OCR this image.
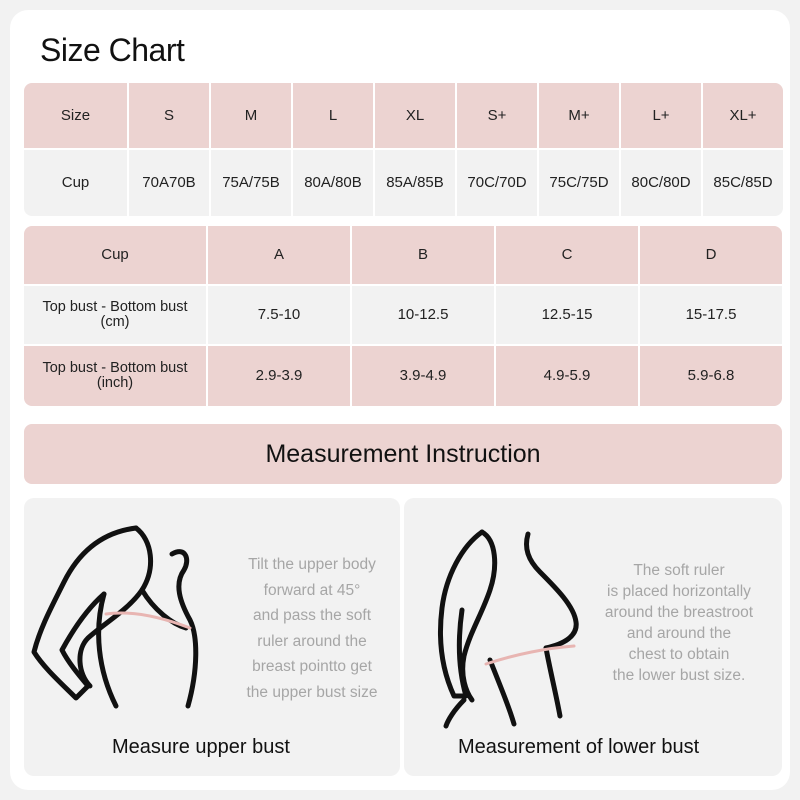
Size Chart
Size	S	M	L	XL	S+	M+	L+	XL+
Cup	70A70B	75A/75B	80A/80B	85A/85B	70C/70D	75C/75D	80C/80D	85C/85D
Cup	A	B	C	D
Top bust - Bottom bust
(cm)	7.5-10	10-12.5	12.5-15	15-17.5
Top bust - Bottom bust
(inch)	2.9-3.9	3.9-4.9	4.9-5.9	5.9-6.8
Measurement Instruction
Tilt the upper body
forward at 45°
and pass the soft
ruler around the
breast pointto get
the upper bust size
Measure upper bust
The soft ruler
is placed horizontally
around the breastroot
and around the
chest to obtain
the lower bust size.
Measurement of lower bust
